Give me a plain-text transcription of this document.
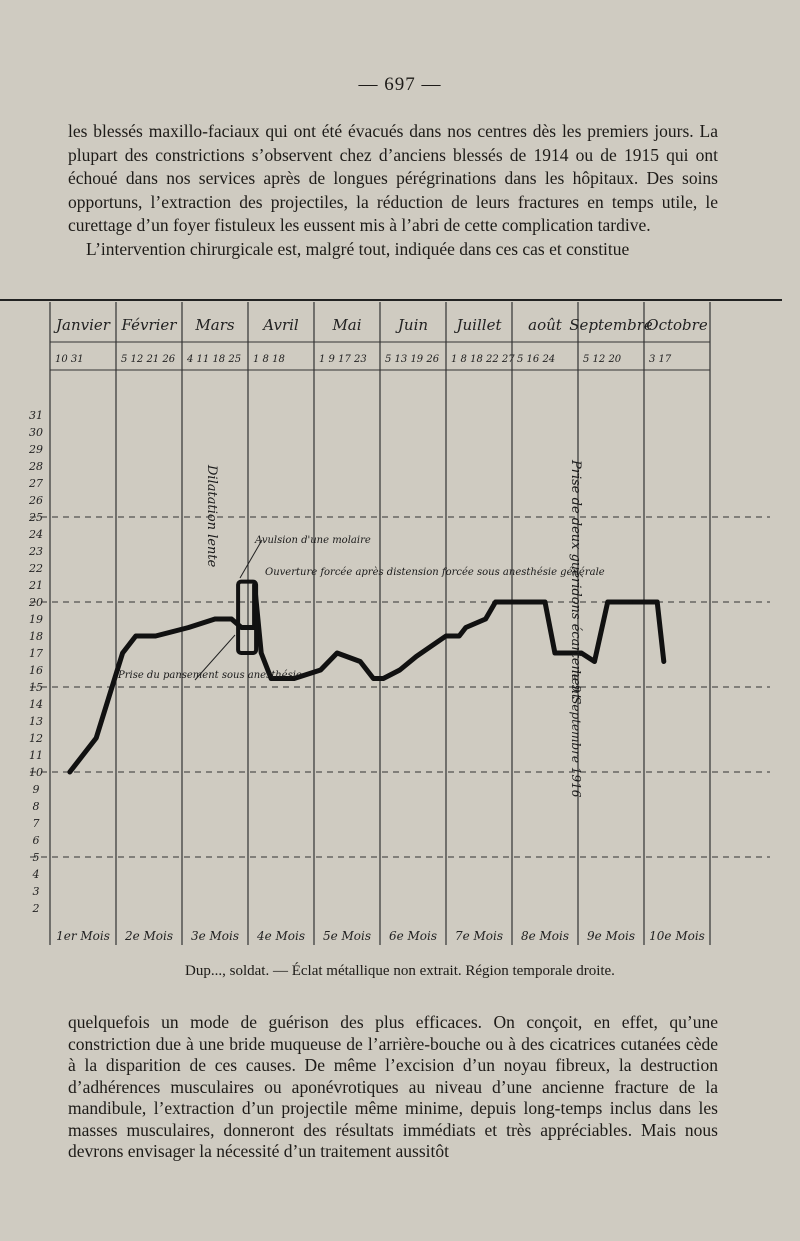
— 697 —

les blessés maxillo-faciaux qui ont été évacués dans nos centres dès les premiers jours. La plupart des constrictions s’observent chez d’anciens blessés de 1914 ou de 1915 qui ont échoué dans nos services après de longues pérégrinations dans les hôpitaux. Des soins opportuns, l’extraction des projectiles, la réduction de leurs fractures en temps utile, le curettage d’un foyer fistuleux les eussent mis à l’abri de cette complication tardive.

L’intervention chirurgicale est, malgré tout, indiquée dans ces cas et constitue

31
30
29
28
27
26
25
24
23
22
21
20
19
18
17
16
15
14
13
12
11
10
9
8
7
6
5
4
3
2
Janvier Février Mars Avril Mai Juin Juillet août Septembre
Octobre
10 31	5 12 21 26 4 11 18 25 1 8 18	1 9 17 23 5 13 19 26 1 8 18 22 27 5 16 24	5 12 20	3 17
1er Mois 2e Mois 3e Mois 4e Mois 5e Mois 6e Mois 7e Mois 8e Mois 9e Mois 10e Mois
Dilatation lente	Avulsion d'une molaire
Ouverture forcée après distension forcée sous anesthésie générale
Prise du pansement sous anesthésie	Prise de deux guéridons écartement
le 9 Septembre 1916
Dup..., soldat. — Éclat métallique non extrait. Région temporale droite.

quelquefois un mode de guérison des plus efficaces. On conçoit, en effet, qu’une constriction due à une bride muqueuse de l’arrière-bouche ou à des cicatrices cutanées cède à la disparition de ces causes. De même l’excision d’un noyau fibreux, la destruction d’adhérences musculaires ou aponévrotiques au niveau d’une ancienne fracture de la mandibule, l’extraction d’un projectile même minime, depuis long-temps inclus dans les masses musculaires, donneront des résultats immédiats et très appréciables. Mais nous devrons envisager la nécessité d’un traitement aussitôt
